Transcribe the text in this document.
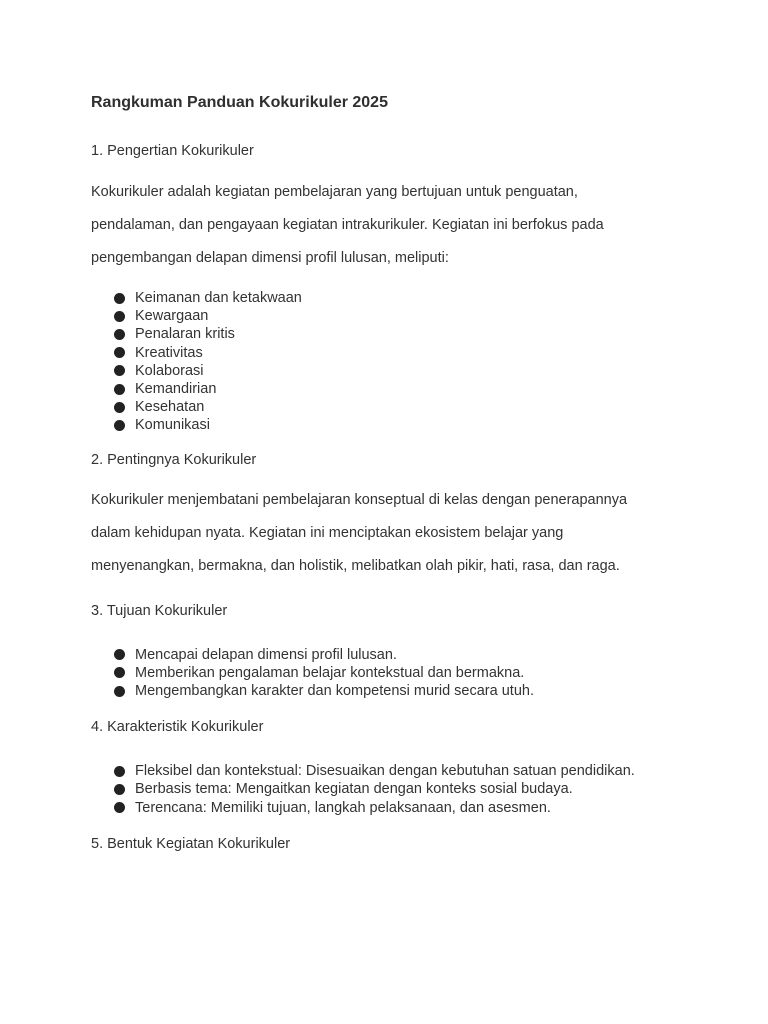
Rangkuman Panduan Kokurikuler 2025
1. Pengertian Kokurikuler

Kokurikuler adalah kegiatan pembelajaran yang bertujuan untuk penguatan,

pendalaman, dan pengayaan kegiatan intrakurikuler. Kegiatan ini berfokus pada

pengembangan delapan dimensi profil lulusan, meliputi:

Keimanan dan ketakwaan
Kewargaan
Penalaran kritis
Kreativitas
Kolaborasi
Kemandirian
Kesehatan
Komunikasi
2. Pentingnya Kokurikuler

Kokurikuler menjembatani pembelajaran konseptual di kelas dengan penerapannya

dalam kehidupan nyata. Kegiatan ini menciptakan ekosistem belajar yang

menyenangkan, bermakna, dan holistik, melibatkan olah pikir, hati, rasa, dan raga.

3. Tujuan Kokurikuler
Mencapai delapan dimensi profil lulusan.
Memberikan pengalaman belajar kontekstual dan bermakna.
Mengembangkan karakter dan kompetensi murid secara utuh.
4. Karakteristik Kokurikuler
Fleksibel dan kontekstual: Disesuaikan dengan kebutuhan satuan pendidikan.
Berbasis tema: Mengaitkan kegiatan dengan konteks sosial budaya.
Terencana: Memiliki tujuan, langkah pelaksanaan, dan asesmen.
5. Bentuk Kegiatan Kokurikuler
